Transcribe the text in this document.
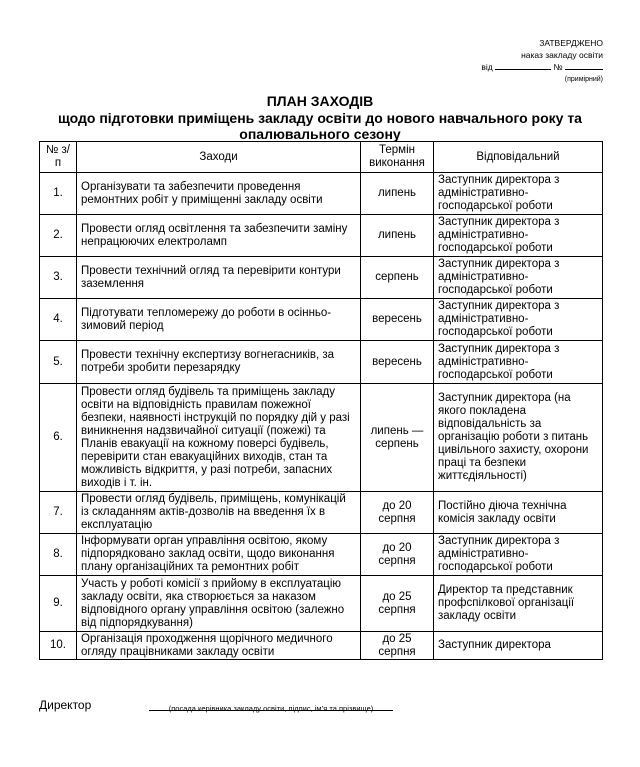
ЗАТВЕРДЖЕНО
наказ закладу освіти
від	№
(примірний)
ПЛАН ЗАХОДІВ
щодо підготовки приміщень закладу освіти до нового навчального року та опалювального сезону
№ з/п	Заходи	Термін виконання	Відповідальний
1.	Організувати та забезпечити проведення ремонтних робіт у приміщенні закладу освіти	липень	Заступник директора з адміністративно-господарської роботи
2.	Провести огляд освітлення та забезпечити заміну непрацюючих електроламп	липень	Заступник директора з адміністративно-господарської роботи
3.	Провести технічний огляд та перевірити контури заземлення	серпень	Заступник директора з адміністративно-господарської роботи
4.	Підготувати тепломережу до роботи в осінньо-зимовий період	вересень	Заступник директора з адміністративно-господарської роботи
5.	Провести технічну експертизу вогнегасників, за потреби зробити перезарядку	вересень	Заступник директора з адміністративно-господарської роботи
6.	Провести огляд будівель та приміщень закладу освіти на відповідність правилам пожежної безпеки, наявності інструкцій по порядку дій у разі виникнення надзвичайної ситуації (пожежі) та Планів евакуації на кожному поверсі будівель, перевірити стан евакуаційних виходів, стан та можливість відкриття, у разі потреби, запасних виходів і т. ін.	липень — серпень	Заступник директора (на якого покладена відповідальність за організацію роботи з питань цивільного захисту, охорони праці та безпеки життєдіяльності)
7.	Провести огляд будівель, приміщень, комунікацій із складанням актів-дозволів на введення їх в експлуатацію	до 20 серпня	Постійно діюча технічна комісія закладу освіти
8.	Інформувати орган управління освітою, якому підпорядковано заклад освіти, щодо виконання плану організаційних та ремонтних робіт	до 20 серпня	Заступник директора з адміністративно-господарської роботи
9.	Участь у роботі комісії з прийому в експлуатацію закладу освіти, яка створюється за наказом відповідного органу управління освітою (залежно від підпорядкування)	до 25 серпня	Директор та представник профспілкової організації закладу освіти
10.	Організація проходження щорічного медичного огляду працівниками закладу освіти	до 25 серпня	Заступник директора
Директор	(посада керівника закладу освіти, підпис, ім’я та прізвище)
